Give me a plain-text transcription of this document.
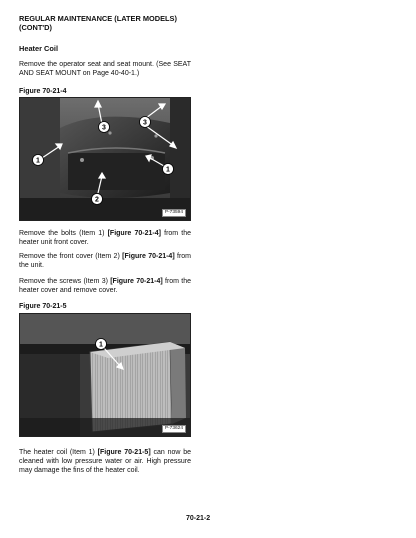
REGULAR MAINTENANCE (LATER MODELS)
(CONT'D)
Heater Coil
Remove the operator seat and seat mount. (See SEAT AND SEAT MOUNT on Page 40-40-1.)
Figure 70-21-4
3
3
1
1
2
P-73594
Remove the bolts (Item 1) [Figure 70-21-4] from the heater unit front cover.
Remove the front cover (Item 2) [Figure 70-21-4] from the unit.
Remove the screws (Item 3) [Figure 70-21-4] from the heater cover and remove cover.
Figure 70-21-5
1
P-73624
The heater coil (Item 1) [Figure 70-21-5] can now be cleaned with low pressure water or air. High pressure may damage the fins of the heater coil.
70-21-2
